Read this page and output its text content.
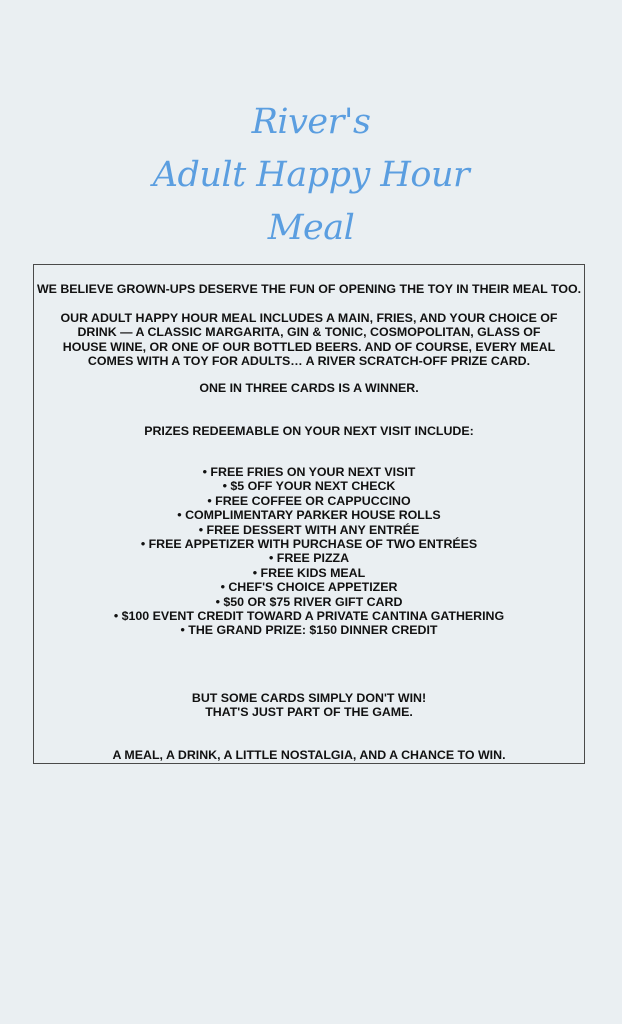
River's
Adult Happy Hour
Meal

WE BELIEVE GROWN-UPS DESERVE THE FUN OF OPENING THE TOY IN THEIR MEAL TOO.

OUR ADULT HAPPY HOUR MEAL INCLUDES A MAIN, FRIES, AND YOUR CHOICE OF DRINK — A CLASSIC MARGARITA, GIN & TONIC, COSMOPOLITAN, GLASS OF HOUSE WINE, OR ONE OF OUR BOTTLED BEERS. AND OF COURSE, EVERY MEAL COMES WITH A TOY FOR ADULTS… A RIVER SCRATCH-OFF PRIZE CARD.

ONE IN THREE CARDS IS A WINNER.

PRIZES REDEEMABLE ON YOUR NEXT VISIT INCLUDE:

• FREE FRIES ON YOUR NEXT VISIT
• $5 OFF YOUR NEXT CHECK
• FREE COFFEE OR CAPPUCCINO
• COMPLIMENTARY PARKER HOUSE ROLLS
• FREE DESSERT WITH ANY ENTRÉE
• FREE APPETIZER WITH PURCHASE OF TWO ENTRÉES
• FREE PIZZA
• FREE KIDS MEAL
• CHEF'S CHOICE APPETIZER
• $50 OR $75 RIVER GIFT CARD
• $100 EVENT CREDIT TOWARD A PRIVATE CANTINA GATHERING
• THE GRAND PRIZE: $150 DINNER CREDIT

BUT SOME CARDS SIMPLY DON'T WIN!
THAT'S JUST PART OF THE GAME.

A MEAL, A DRINK, A LITTLE NOSTALGIA, AND A CHANCE TO WIN.
